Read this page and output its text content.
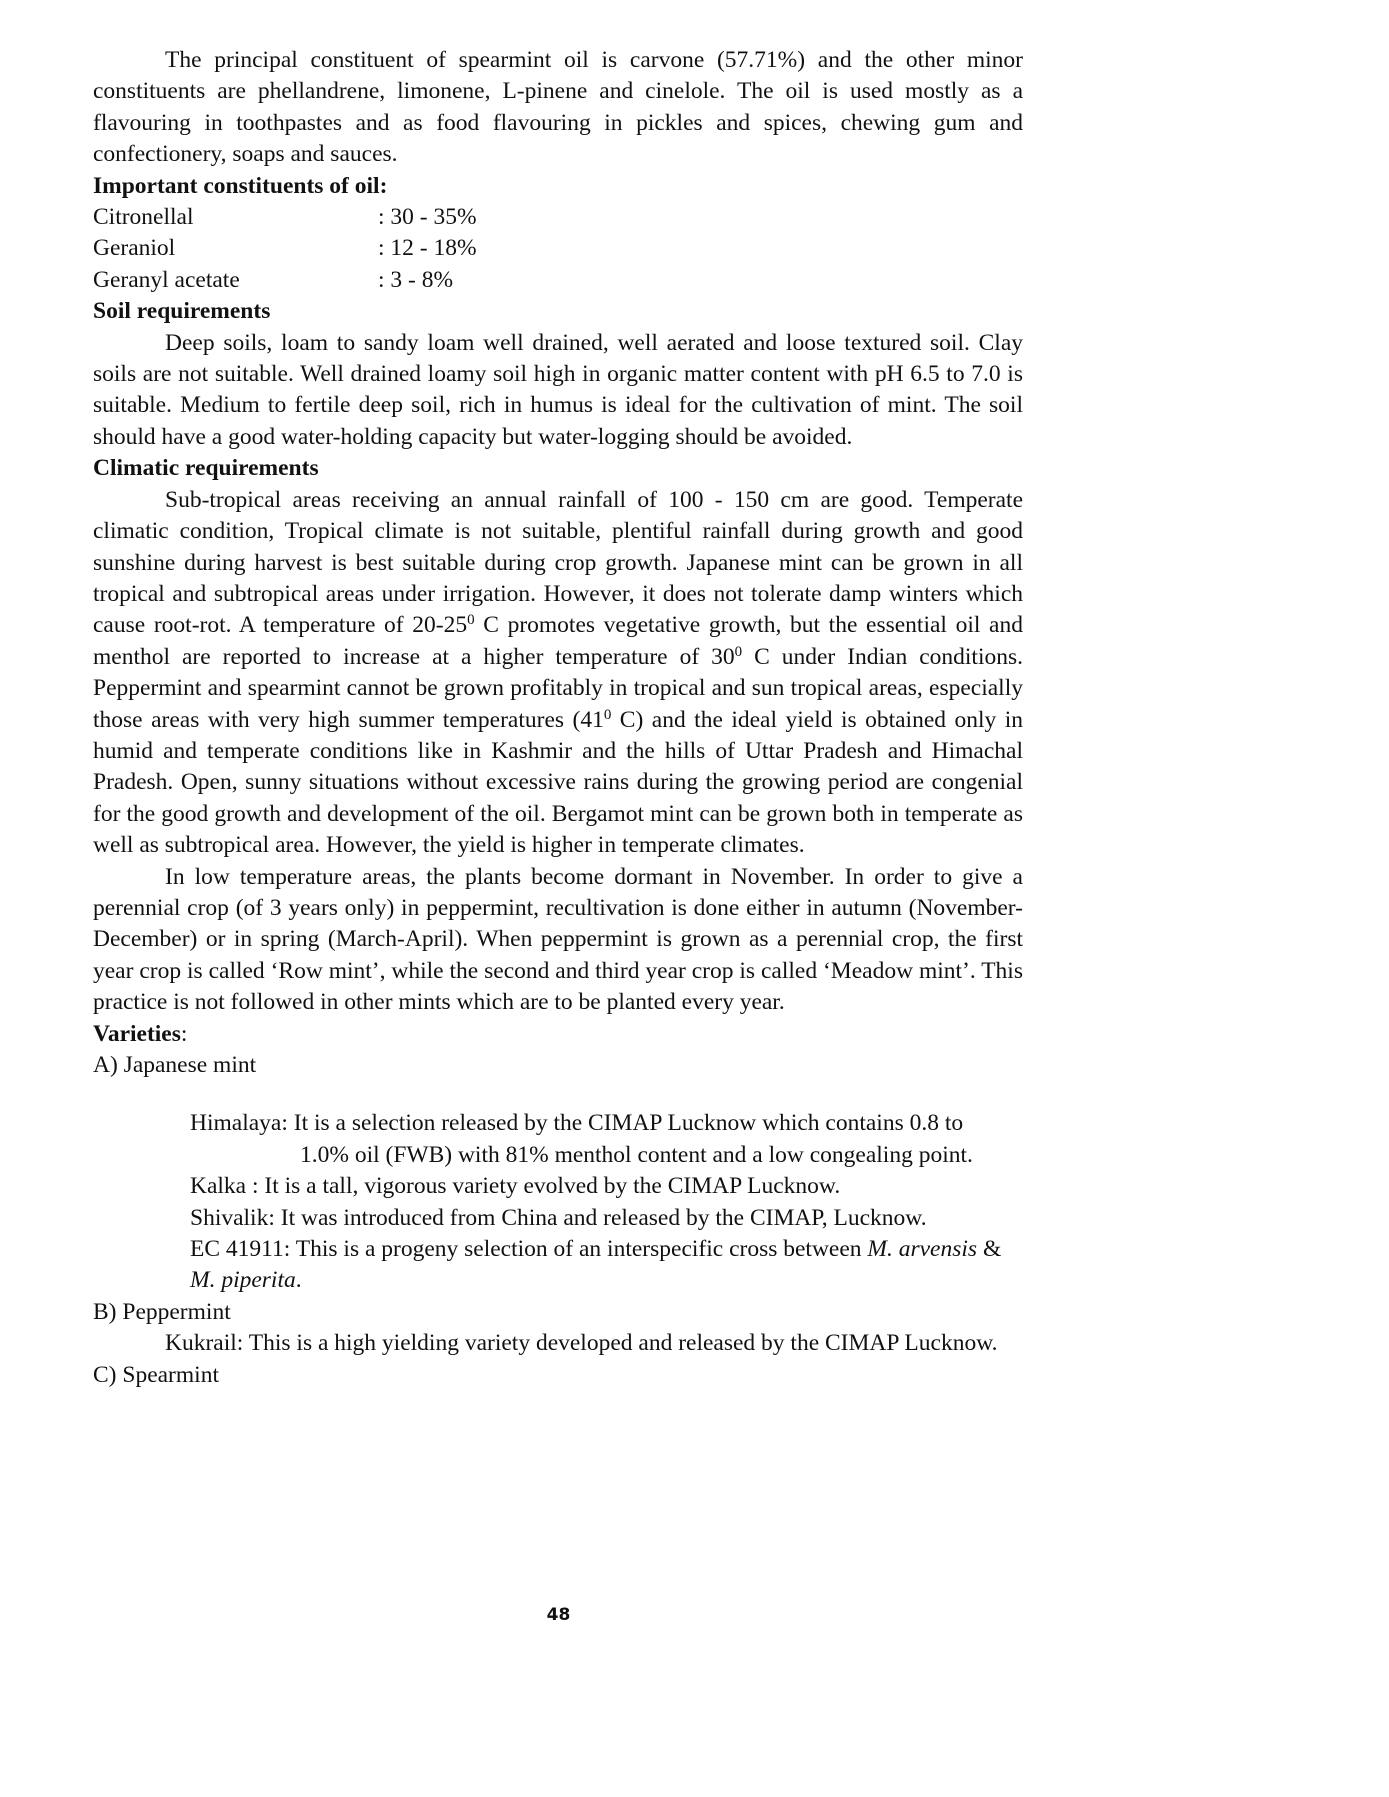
The principal constituent of spearmint oil is carvone (57.71%) and the other minor constituents are phellandrene, limonene, L-pinene and cinelole. The oil is used mostly as a flavouring in toothpastes and as food flavouring in pickles and spices, chewing gum and confectionery, soaps and sauces.

Important constituents of oil:

Citronellal	: 30 - 35%
Geraniol	: 12 - 18%
Geranyl acetate	: 3 - 8%

Soil requirements

Deep soils, loam to sandy loam well drained, well aerated and loose textured soil. Clay soils are not suitable. Well drained loamy soil high in organic matter content with pH 6.5 to 7.0 is suitable. Medium to fertile deep soil, rich in humus is ideal for the cultivation of mint. The soil should have a good water-holding capacity but water-logging should be avoided.

Climatic requirements

Sub-tropical areas receiving an annual rainfall of 100 - 150 cm are good. Temperate climatic condition, Tropical climate is not suitable, plentiful rainfall during growth and good sunshine during harvest is best suitable during crop growth. Japanese mint can be grown in all tropical and subtropical areas under irrigation. However, it does not tolerate damp winters which cause root-rot. A temperature of $20-25^0$ C promotes vegetative growth, but the essential oil and menthol are reported to increase at a higher temperature of $30^0$ C under Indian conditions. Peppermint and spearmint cannot be grown profitably in tropical and sun tropical areas, especially those areas with very high summer temperatures ($41^0$ C) and the ideal yield is obtained only in humid and temperate conditions like in Kashmir and the hills of Uttar Pradesh and Himachal Pradesh. Open, sunny situations without excessive rains during the growing period are congenial for the good growth and development of the oil. Bergamot mint can be grown both in temperate as well as subtropical area. However, the yield is higher in temperate climates.

In low temperature areas, the plants become dormant in November. In order to give a perennial crop (of 3 years only) in peppermint, recultivation is done either in autumn (November-December) or in spring (March-April). When peppermint is grown as a perennial crop, the first year crop is called ‘Row mint’, while the second and third year crop is called ‘Meadow mint’. This practice is not followed in other mints which are to be planted every year.

Varieties:

A) Japanese mint

Himalaya: It is a selection released by the CIMAP Lucknow which contains 0.8 to

1.0% oil (FWB) with 81% menthol content and a low congealing point.

Kalka : It is a tall, vigorous variety evolved by the CIMAP Lucknow.

Shivalik: It was introduced from China and released by the CIMAP, Lucknow.

EC 41911: This is a progeny selection of an interspecific cross between M. arvensis &

M. piperita.

B) Peppermint

Kukrail: This is a high yielding variety developed and released by the CIMAP Lucknow.

C) Spearmint

48
